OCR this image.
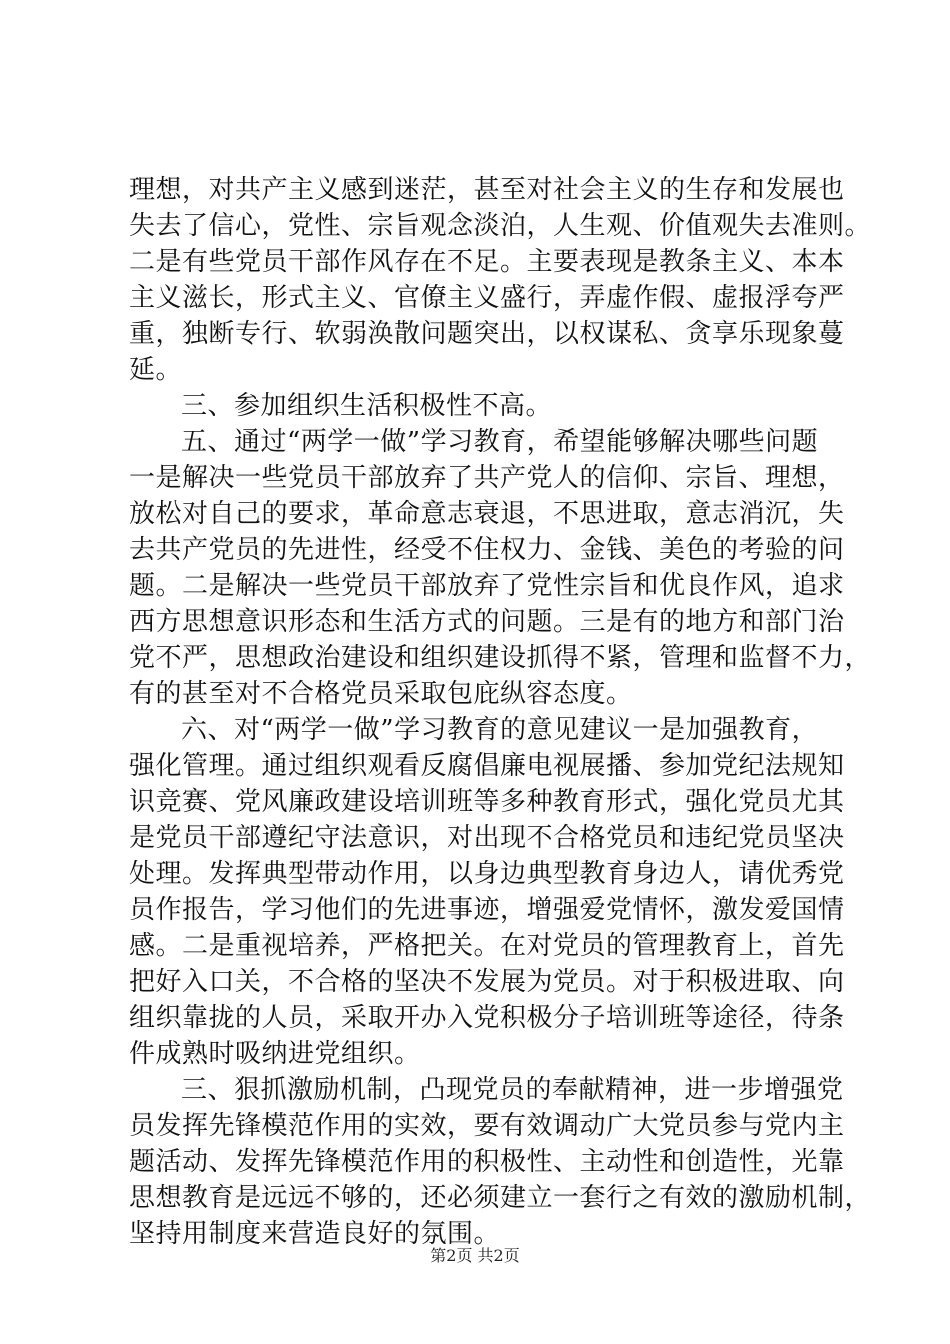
理想，对共产主义感到迷茫，甚至对社会主义的生存和发展也
失去了信心，党性、宗旨观念淡泊，人生观、价值观失去准则。
二是有些党员干部作风存在不足。主要表现是教条主义、本本
主义滋长，形式主义、官僚主义盛行，弄虚作假、虚报浮夸严
重，独断专行、软弱涣散问题突出，以权谋私、贪享乐现象蔓
延。
三、参加组织生活积极性不高。
五、通过“两学一做”学习教育，希望能够解决哪些问题
一是解决一些党员干部放弃了共产党人的信仰、宗旨、理想，
放松对自己的要求，革命意志衰退，不思进取，意志消沉，失
去共产党员的先进性，经受不住权力、金钱、美色的考验的问
题。二是解决一些党员干部放弃了党性宗旨和优良作风，追求
西方思想意识形态和生活方式的问题。三是有的地方和部门治
党不严，思想政治建设和组织建设抓得不紧，管理和监督不力，
有的甚至对不合格党员采取包庇纵容态度。
六、对“两学一做”学习教育的意见建议一是加强教育，
强化管理。通过组织观看反腐倡廉电视展播、参加党纪法规知
识竞赛、党风廉政建设培训班等多种教育形式，强化党员尤其
是党员干部遵纪守法意识，对出现不合格党员和违纪党员坚决
处理。发挥典型带动作用，以身边典型教育身边人，请优秀党
员作报告，学习他们的先进事迹，增强爱党情怀，激发爱国情
感。二是重视培养，严格把关。在对党员的管理教育上，首先
把好入口关，不合格的坚决不发展为党员。对于积极进取、向
组织靠拢的人员，采取开办入党积极分子培训班等途径，待条
件成熟时吸纳进党组织。
三、狠抓激励机制，凸现党员的奉献精神，进一步增强党
员发挥先锋模范作用的实效，要有效调动广大党员参与党内主
题活动、发挥先锋模范作用的积极性、主动性和创造性，光靠
思想教育是远远不够的，还必须建立一套行之有效的激励机制，
坚持用制度来营造良好的氛围。
第2页 共2页
